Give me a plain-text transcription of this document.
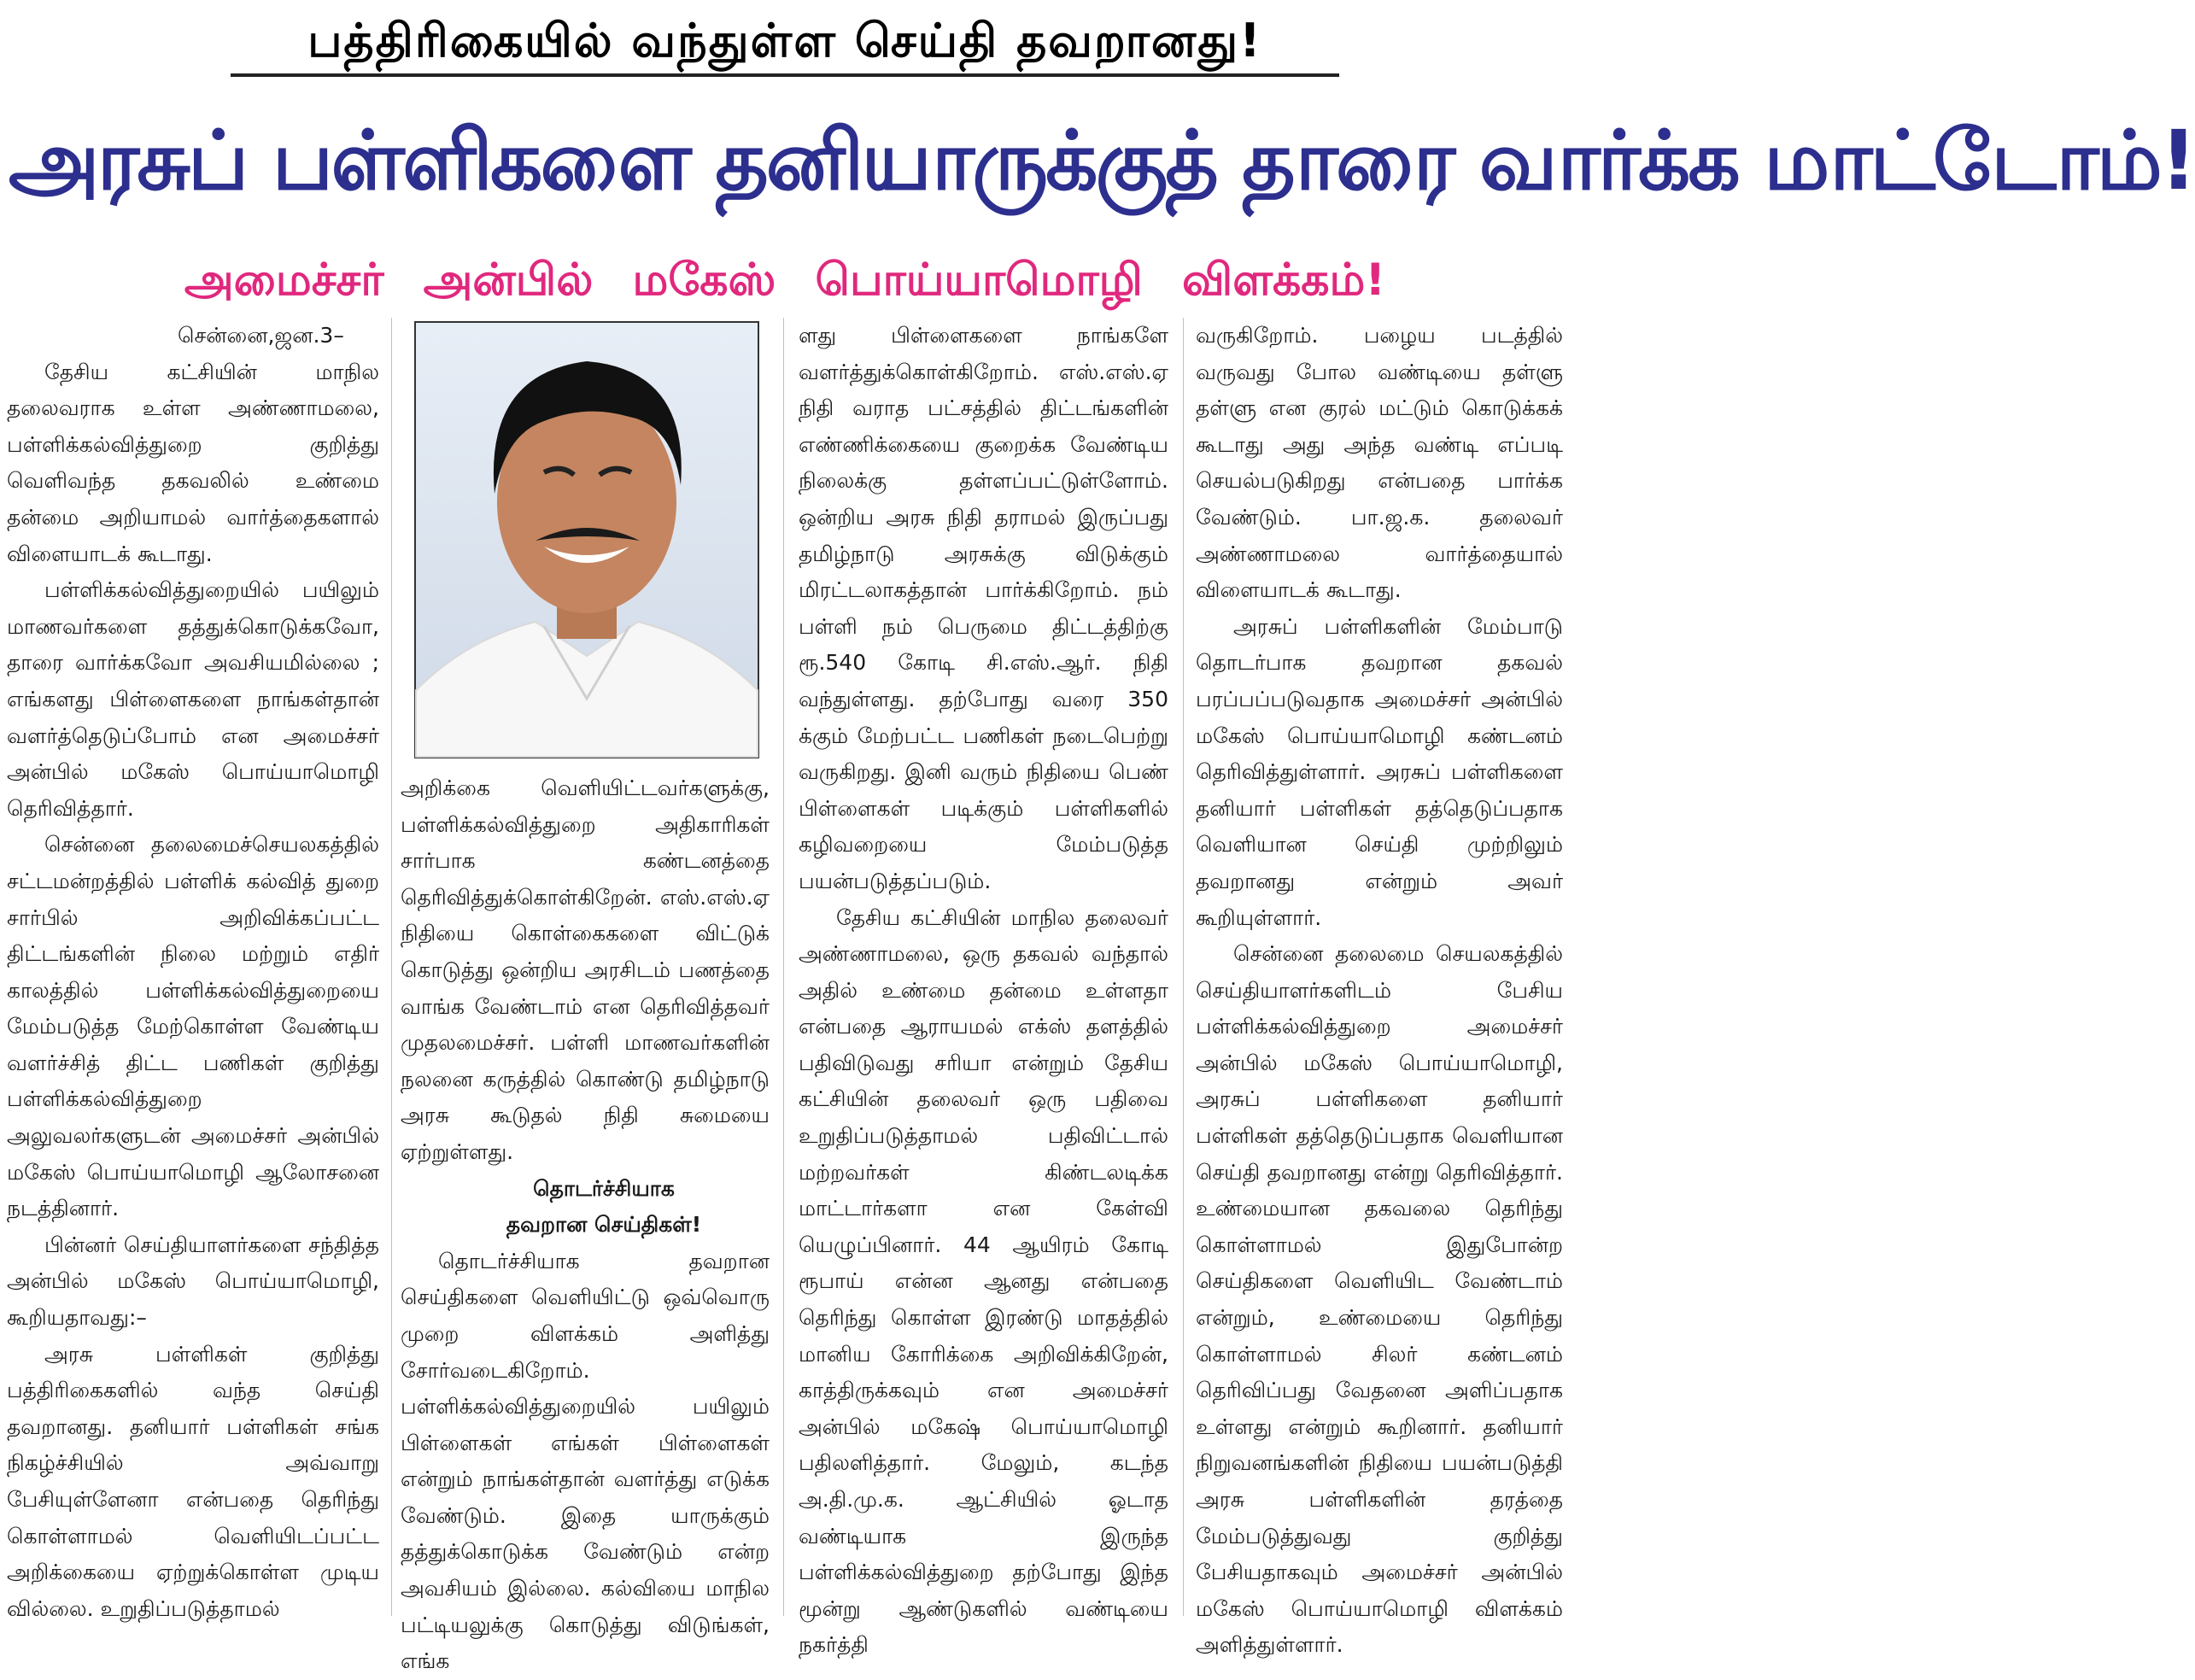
பத்திரிகையில் வந்துள்ள செய்தி தவறானது!
அரசுப் பள்ளிகளை தனியாருக்குத் தாரை வார்க்க மாட்டோம்!
அமைச்சர் அன்பில் மகேஸ் பொய்யாமொழி விளக்கம்!

சென்னை,ஜன.3–

தேசிய கட்சியின் மாநில தலைவராக உள்ள அண்ணாமலை, பள்ளிக்கல்வித்துறை குறித்து வெளிவந்த தகவலில் உண்மை தன்மை அறியாமல் வார்த்தைகளால் விளையாடக் கூடாது.

பள்ளிக்கல்வித்துறையில் பயிலும் மாணவர்களை தத்துக்கொடுக்கவோ, தாரை வார்க்கவோ அவசியமில்லை ; எங்களது பிள்ளைகளை நாங்கள்தான் வளர்த்தெடுப்போம் என அமைச்சர் அன்பில் மகேஸ் பொய்யாமொழி தெரிவித்தார்.

சென்னை தலைமைச்செயலகத்தில் சட்டமன்றத்தில் பள்ளிக் கல்வித் துறை சார்பில் அறிவிக்கப்பட்ட திட்டங்களின் நிலை மற்றும் எதிர் காலத்தில் பள்ளிக்கல்வித்துறையை மேம்படுத்த மேற்கொள்ள வேண்டிய வளர்ச்சித் திட்ட பணிகள் குறித்து பள்ளிக்கல்வித்துறை அலுவலர்களுடன் அமைச்சர் அன்பில் மகேஸ் பொய்யாமொழி ஆலோசனை நடத்தினார்.

பின்னர் செய்தியாளர்களை சந்தித்த அன்பில் மகேஸ் பொய்யாமொழி, கூறியதாவது:–

அரசு பள்ளிகள் குறித்து பத்திரிகைகளில் வந்த செய்தி தவறானது. தனியார் பள்ளிகள் சங்க நிகழ்ச்சியில் அவ்வாறு பேசியுள்ளேனா என்பதை தெரிந்து கொள்ளாமல் வெளியிடப்பட்ட அறிக்கையை ஏற்றுக்கொள்ள முடிய வில்லை. உறுதிப்படுத்தாமல்

அறிக்கை வெளியிட்டவர்களுக்கு, பள்ளிக்கல்வித்துறை அதிகாரிகள் சார்பாக கண்டனத்தை தெரிவித்துக்கொள்கிறேன். எஸ்.எஸ்.ஏ நிதியை கொள்கைகளை விட்டுக் கொடுத்து ஒன்றிய அரசிடம் பணத்தை வாங்க வேண்டாம் என தெரிவித்தவர் முதலமைச்சர். பள்ளி மாணவர்களின் நலனை கருத்தில் கொண்டு தமிழ்நாடு அரசு கூடுதல் நிதி சுமையை ஏற்றுள்ளது.

தொடர்ச்சியாக

தவறான செய்திகள்!

தொடர்ச்சியாக தவறான செய்திகளை வெளியிட்டு ஒவ்வொரு முறை விளக்கம் அளித்து சோர்வடைகிறோம். பள்ளிக்கல்வித்துறையில் பயிலும் பிள்ளைகள் எங்கள் பிள்ளைகள் என்றும் நாங்கள்தான் வளர்த்து எடுக்க வேண்டும். இதை யாருக்கும் தத்துக்கொடுக்க வேண்டும் என்ற அவசியம் இல்லை. கல்வியை மாநில பட்டியலுக்கு கொடுத்து விடுங்கள், எங்க

ளது பிள்ளைகளை நாங்களே வளர்த்துக்கொள்கிறோம். எஸ்.எஸ்.ஏ நிதி வராத பட்சத்தில் திட்டங்களின் எண்ணிக்கையை குறைக்க வேண்டிய நிலைக்கு தள்ளப்பட்டுள்ளோம். ஒன்றிய அரசு நிதி தராமல் இருப்பது தமிழ்நாடு அரசுக்கு விடுக்கும் மிரட்டலாகத்தான் பார்க்கிறோம். நம் பள்ளி நம் பெருமை திட்டத்திற்கு ரூ.540 கோடி சி.எஸ்.ஆர். நிதி வந்துள்ளது. தற்போது வரை 350 க்கும் மேற்பட்ட பணிகள் நடைபெற்று வருகிறது. இனி வரும் நிதியை பெண் பிள்ளைகள் படிக்கும் பள்ளிகளில் கழிவறையை மேம்படுத்த பயன்படுத்தப்படும்.

தேசிய கட்சியின் மாநில தலைவர் அண்ணாமலை, ஒரு தகவல் வந்தால் அதில் உண்மை தன்மை உள்ளதா என்பதை ஆராயமல் எக்ஸ் தளத்தில் பதிவிடுவது சரியா என்றும் தேசிய கட்சியின் தலைவர் ஒரு பதிவை உறுதிப்படுத்தாமல் பதிவிட்டால் மற்றவர்கள் கிண்டலடிக்க மாட்டார்களா என கேள்வி யெழுப்பினார். 44 ஆயிரம் கோடி ரூபாய் என்ன ஆனது என்பதை தெரிந்து கொள்ள இரண்டு மாதத்தில் மானிய கோரிக்கை அறிவிக்கிறேன், காத்திருக்கவும் என அமைச்சர் அன்பில் மகேஷ் பொய்யாமொழி பதிலளித்தார். மேலும், கடந்த அ.தி.மு.க. ஆட்சியில் ஓடாத வண்டியாக இருந்த பள்ளிக்கல்வித்துறை தற்போது இந்த மூன்று ஆண்டுகளில் வண்டியை நகர்த்தி

வருகிறோம். பழைய படத்தில் வருவது போல வண்டியை தள்ளு தள்ளு என குரல் மட்டும் கொடுக்கக் கூடாது அது அந்த வண்டி எப்படி செயல்படுகிறது என்பதை பார்க்க வேண்டும். பா.ஜ.க. தலைவர் அண்ணாமலை வார்த்தையால் விளையாடக் கூடாது.

அரசுப் பள்ளிகளின் மேம்பாடு தொடர்பாக தவறான தகவல் பரப்பப்படுவதாக அமைச்சர் அன்பில் மகேஸ் பொய்யாமொழி கண்டனம் தெரிவித்துள்ளார். அரசுப் பள்ளிகளை தனியார் பள்ளிகள் தத்தெடுப்பதாக வெளியான செய்தி முற்றிலும் தவறானது என்றும் அவர் கூறியுள்ளார்.

சென்னை தலைமை செயலகத்தில் செய்தியாளர்களிடம் பேசிய பள்ளிக்கல்வித்துறை அமைச்சர் அன்பில் மகேஸ் பொய்யாமொழி, அரசுப் பள்ளிகளை தனியார் பள்ளிகள் தத்தெடுப்பதாக வெளியான செய்தி தவறானது என்று தெரிவித்தார். உண்மையான தகவலை தெரிந்து கொள்ளாமல் இதுபோன்ற செய்திகளை வெளியிட வேண்டாம் என்றும், உண்மையை தெரிந்து கொள்ளாமல் சிலர் கண்டனம் தெரிவிப்பது வேதனை அளிப்பதாக உள்ளது என்றும் கூறினார். தனியார் நிறுவனங்களின் நிதியை பயன்படுத்தி அரசு பள்ளிகளின் தரத்தை மேம்படுத்துவது குறித்து பேசியதாகவும் அமைச்சர் அன்பில் மகேஸ் பொய்யாமொழி விளக்கம் அளித்துள்ளார்.
